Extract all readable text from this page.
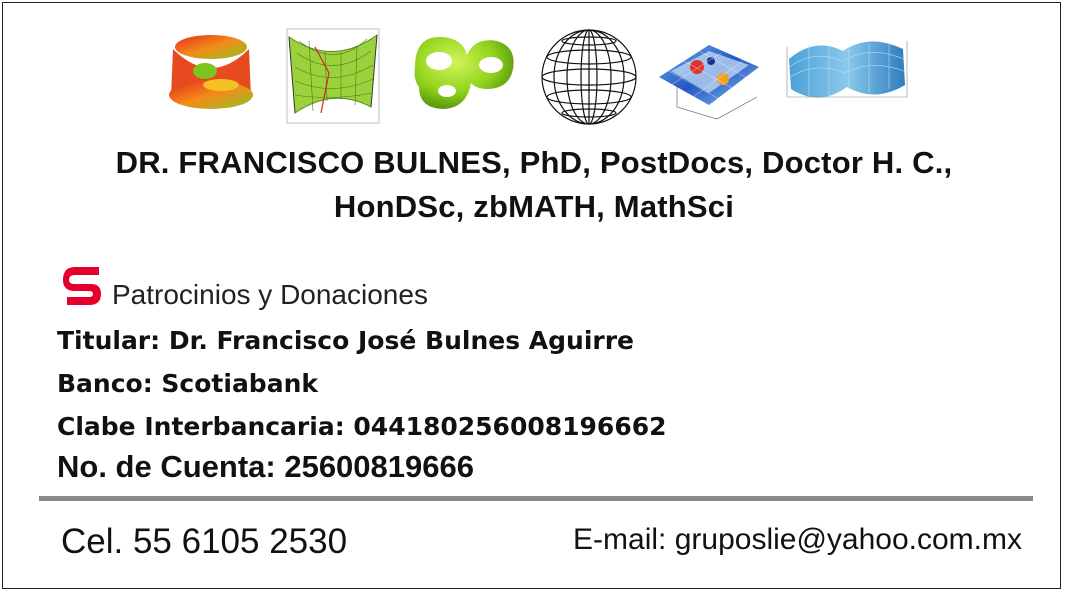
DR. FRANCISCO BULNES, PhD, PostDocs, Doctor H. C.,
HonDSc, zbMATH, MathSci
Patrocinios y Donaciones
Titular: Dr. Francisco José Bulnes Aguirre
Banco: Scotiabank
Clabe Interbancaria: 044180256008196662
No. de Cuenta: 25600819666
Cel. 55 6105 2530	E-mail: gruposlie@yahoo.com.mx
